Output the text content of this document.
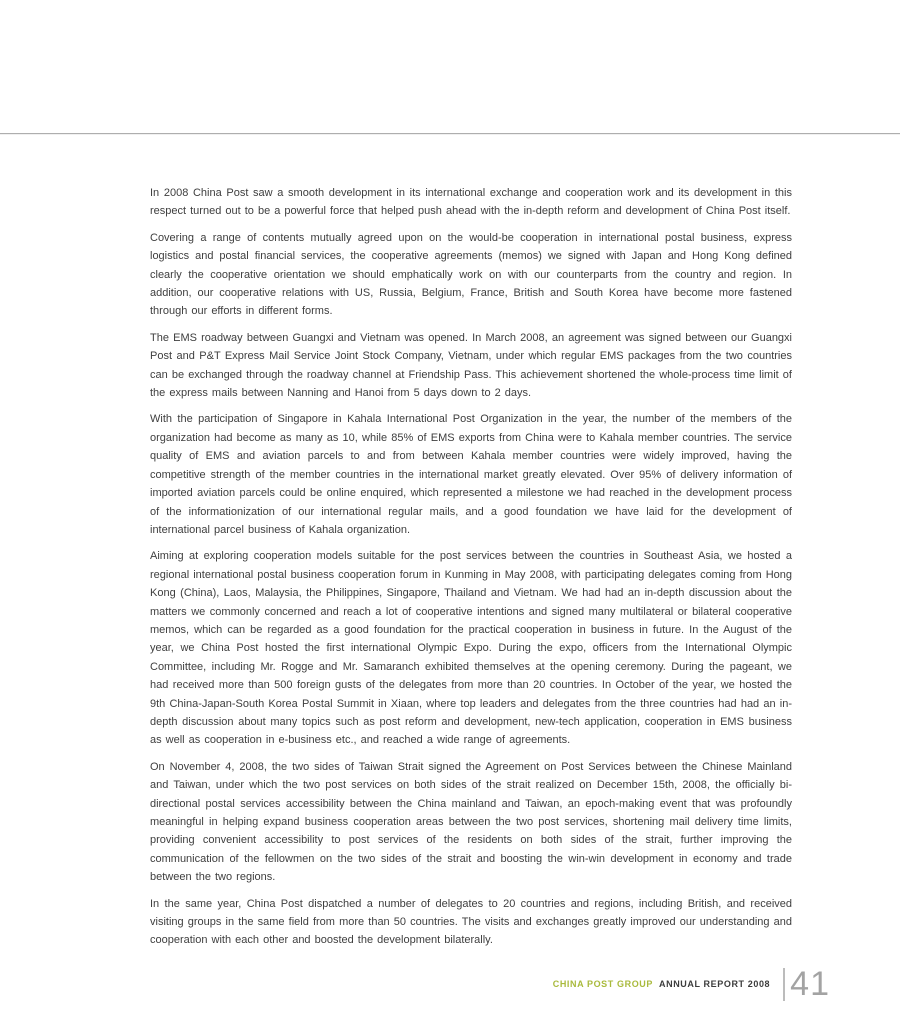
In 2008 China Post saw a smooth development in its international exchange and cooperation work and its development in this respect turned out to be a powerful force that helped push ahead with the in-depth reform and development of China Post itself.

Covering a range of contents mutually agreed upon on the would-be cooperation in international postal business, express logistics and postal financial services, the cooperative agreements (memos) we signed with Japan and Hong Kong defined clearly the cooperative orientation we should emphatically work on with our counterparts from the country and region. In addition, our cooperative relations with US, Russia, Belgium, France, British and South Korea have become more fastened through our efforts in different forms.

The EMS roadway between Guangxi and Vietnam was opened. In March 2008, an agreement was signed between our Guangxi Post and P&T Express Mail Service Joint Stock Company, Vietnam, under which regular EMS packages from the two countries can be exchanged through the roadway channel at Friendship Pass. This achievement shortened the whole-process time limit of the express mails between Nanning and Hanoi from 5 days down to 2 days.

With the participation of Singapore in Kahala International Post Organization in the year, the number of the members of the organization had become as many as 10, while 85% of EMS exports from China were to Kahala member countries. The service quality of EMS and aviation parcels to and from between Kahala member countries were widely improved, having the competitive strength of the member countries in the international market greatly elevated. Over 95% of delivery information of imported aviation parcels could be online enquired, which represented a milestone we had reached in the development process of the informationization of our international regular mails, and a good foundation we have laid for the development of international parcel business of Kahala organization.

Aiming at exploring cooperation models suitable for the post services between the countries in Southeast Asia, we hosted a regional international postal business cooperation forum in Kunming in May 2008, with participating delegates coming from Hong Kong (China), Laos, Malaysia, the Philippines, Singapore, Thailand and Vietnam. We had had an in-depth discussion about the matters we commonly concerned and reach a lot of cooperative intentions and signed many multilateral or bilateral cooperative memos, which can be regarded as a good foundation for the practical cooperation in business in future. In the August of the year, we China Post hosted the first international Olympic Expo. During the expo, officers from the International Olympic Committee, including Mr. Rogge and Mr. Samaranch exhibited themselves at the opening ceremony. During the pageant, we had received more than 500 foreign gusts of the delegates from more than 20 countries. In October of the year, we hosted the 9th China-Japan-South Korea Postal Summit in Xiaan, where top leaders and delegates from the three countries had had an in-depth discussion about many topics such as post reform and development, new-tech application, cooperation in EMS business as well as cooperation in e-business etc., and reached a wide range of agreements.

On November 4, 2008, the two sides of Taiwan Strait signed the Agreement on Post Services between the Chinese Mainland and Taiwan, under which the two post services on both sides of the strait realized on December 15th, 2008, the officially bi-directional postal services accessibility between the China mainland and Taiwan, an epoch-making event that was profoundly meaningful in helping expand business cooperation areas between the two post services, shortening mail delivery time limits, providing convenient accessibility to post services of the residents on both sides of the strait, further improving the communication of the fellowmen on the two sides of the strait and boosting the win-win development in economy and trade between the two regions.

In the same year, China Post dispatched a number of delegates to 20 countries and regions, including British, and received visiting groups in the same field from more than 50 countries. The visits and exchanges greatly improved our understanding and cooperation with each other and boosted the development bilaterally.

CHINA POST GROUP ANNUAL REPORT 2008 41
